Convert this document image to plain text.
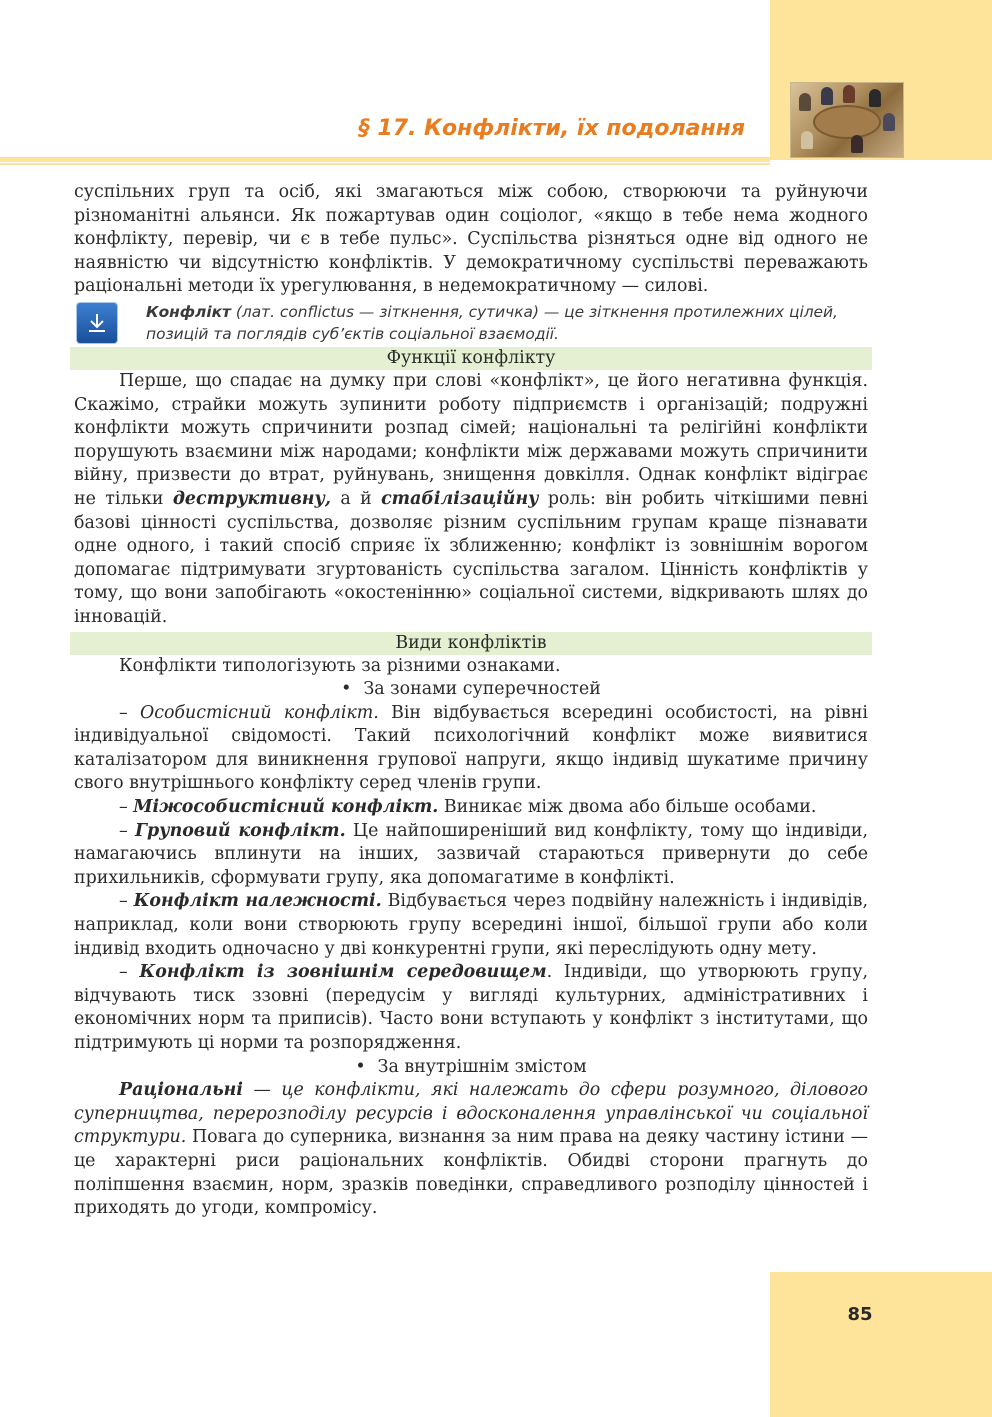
§ 17. Конфлікти, їх подолання
85

суспільних груп та осіб, які змагаються між собою, створюючи та руйнуючи різноманітні альянси. Як пожартував один соціолог, «якщо в тебе нема жодного конфлікту, перевір, чи є в тебе пульс». Суспільства різняться одне від одного не наявністю чи відсутністю конфліктів. У демократичному суспільстві переважають раціональні методи їх урегулювання, в недемократичному — силові.

Конфлікт (лат. conflictus — зіткнення, сутичка) — це зіткнення протилежних цілей, позицій та поглядів суб’єктів соціальної взаємодії.
Функції конфлікту

Перше, що спадає на думку при слові «конфлікт», це його негативна функція. Скажімо, страйки можуть зупинити роботу підприємств і організацій; подружні конфлікти можуть спричинити розпад сімей; національні та релігійні конфлікти порушують взаємини між народами; конфлікти між державами можуть спричинити війну, призвести до втрат, руйнувань, знищення довкілля. Однак конфлікт відіграє не тільки деструктивну, а й стабілізаційну роль: він робить чіткішими певні базові цінності суспільства, дозволяє різним суспільним групам краще пізнавати одне одного, і такий спосіб сприяє їх зближенню; конфлікт із зовнішнім ворогом допомагає підтримувати згуртованість суспільства загалом. Цінність конфліктів у тому, що вони запобігають «окостенінню» соціальної системи, відкривають шлях до інновацій.

Види конфліктів

Конфлікти типологізують за різними ознаками.

• За зонами суперечностей

– Особистісний конфлікт. Він відбувається всередині особистості, на рівні індивідуальної свідомості. Такий психологічний конфлікт може виявитися каталізатором для виникнення групової напруги, якщо індивід шукатиме причину свого внутрішнього конфлікту серед членів групи.

– Міжособистісний конфлікт. Виникає між двома або більше особами.

– Груповий конфлікт. Це найпоширеніший вид конфлікту, тому що індивіди, намагаючись вплинути на інших, зазвичай стараються привернути до себе прихильників, сформувати групу, яка допомагатиме в конфлікті.

– Конфлікт належності. Відбувається через подвійну належність і індивідів, наприклад, коли вони створюють групу всередині іншої, більшої групи або коли індивід входить одночасно у дві конкурентні групи, які переслідують одну мету.

– Конфлікт із зовнішнім середовищем. Індивіди, що утворюють групу, відчувають тиск ззовні (передусім у вигляді культурних, адміністративних і економічних норм та приписів). Часто вони вступають у конфлікт з інститутами, що підтримують ці норми та розпорядження.

• За внутрішнім змістом

Раціональні — це конфлікти, які належать до сфери розумного, ділового суперництва, перерозподілу ресурсів і вдосконалення управлінської чи соціальної структури. Повага до суперника, визнання за ним права на деяку частину істини — це характерні риси раціональних конфліктів. Обидві сторони прагнуть до поліпшення взаємин, норм, зразків поведінки, справедливого розподілу цінностей і приходять до угоди, компромісу.
